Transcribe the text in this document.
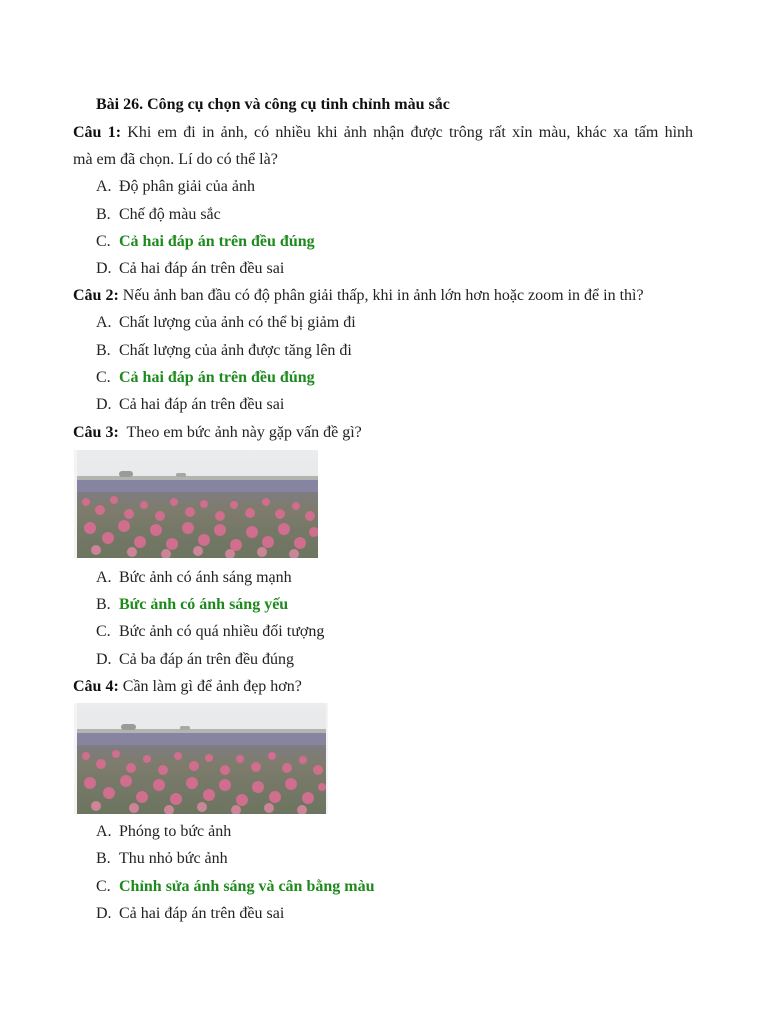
Bài 26. Công cụ chọn và công cụ tinh chỉnh màu sắc
Câu 1: Khi em đi in ảnh, có nhiều khi ảnh nhận được trông rất xỉn màu, khác xa tấm hình
mà em đã chọn. Lí do có thể là?
A. Độ phân giải của ảnh
B. Chế độ màu sắc
C. Cả hai đáp án trên đều đúng
D. Cả hai đáp án trên đều sai
Câu 2: Nếu ảnh ban đầu có độ phân giải thấp, khi in ảnh lớn hơn hoặc zoom in để in thì?
A. Chất lượng của ảnh có thể bị giảm đi
B. Chất lượng của ảnh được tăng lên đi
C. Cả hai đáp án trên đều đúng
D. Cả hai đáp án trên đều sai
Câu 3:  Theo em bức ảnh này gặp vấn đề gì?
A. Bức ảnh có ánh sáng mạnh
B. Bức ảnh có ánh sáng yếu
C. Bức ảnh có quá nhiều đối tượng
D. Cả ba đáp án trên đều đúng
Câu 4: Cần làm gì để ảnh đẹp hơn?
A. Phóng to bức ảnh
B. Thu nhỏ bức ảnh
C. Chỉnh sửa ánh sáng và cân bằng màu
D. Cả hai đáp án trên đều sai
